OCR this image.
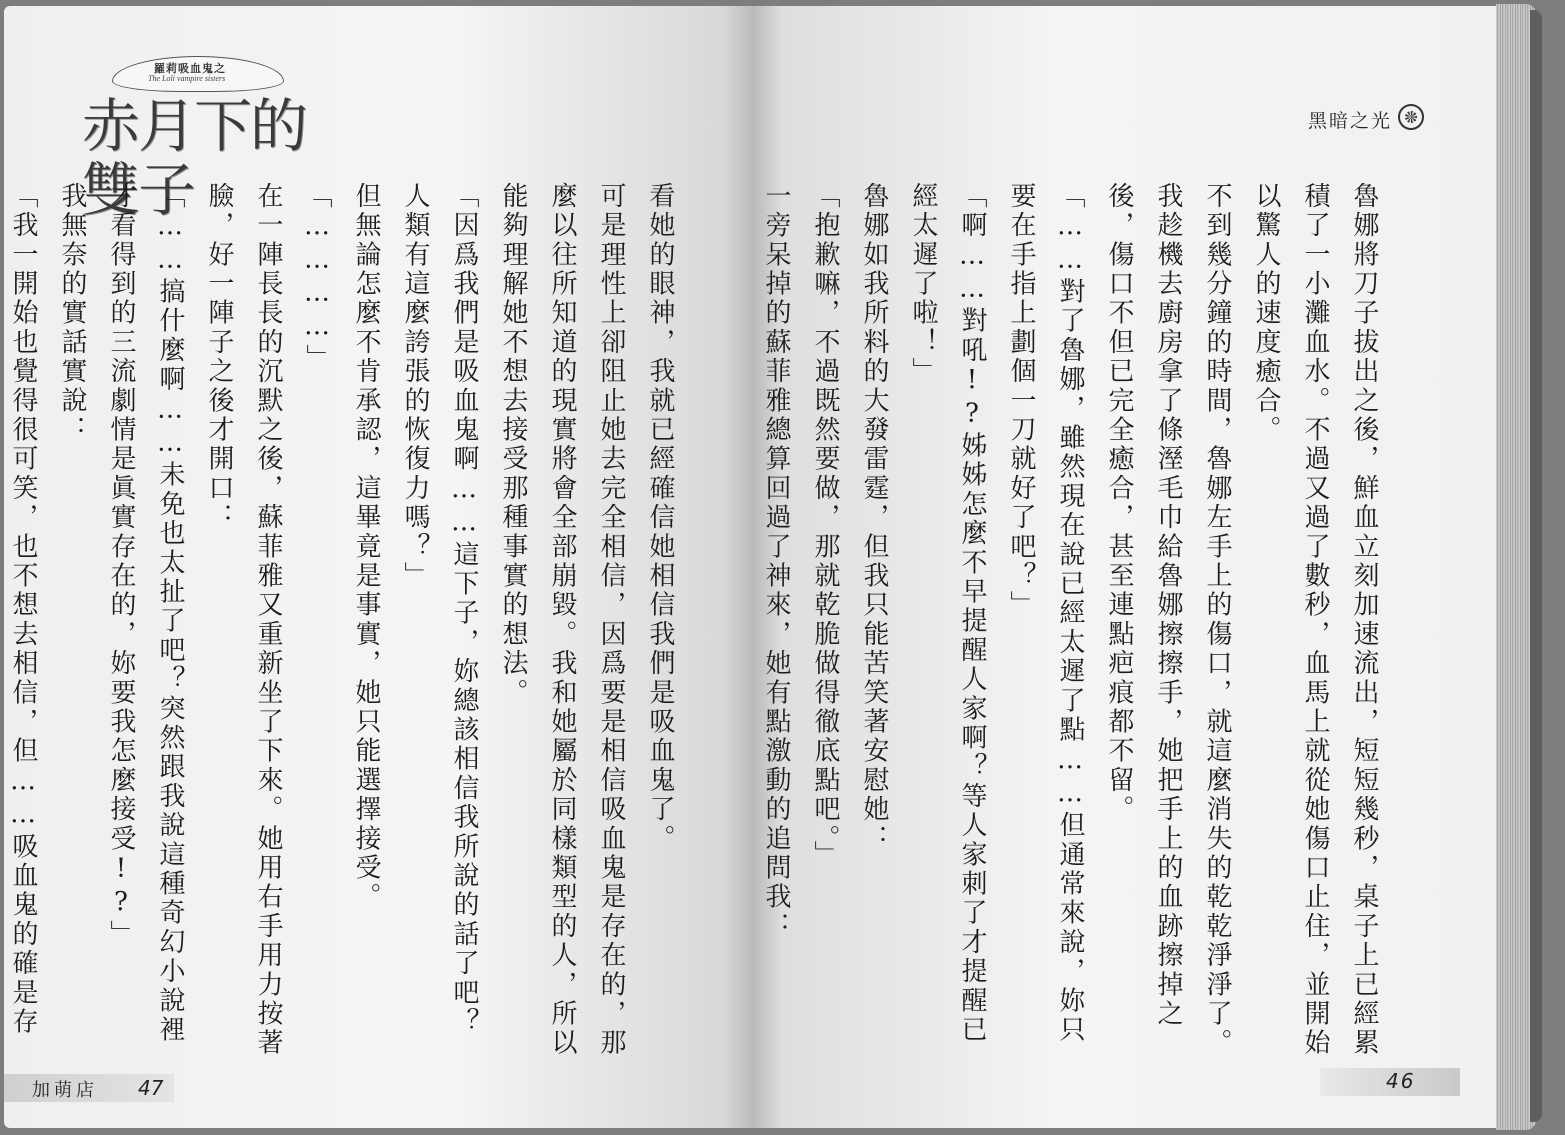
羅莉吸血鬼之
The Loli vampire sisters
赤月下的雙子	看她的眼神，我就已經確信她相信我們是吸血鬼了。
可是理性上卻阻止她去完全相信，因爲要是相信吸血鬼是存在的，那麼以往所知道的現實將會全部崩毀。我和她屬於同樣類型的人，所以能夠理解她不想去接受那種事實的想法。
「因爲我們是吸血鬼啊……這下子，妳總該相信我所說的話了吧？人類有這麼誇張的恢復力嗎？」
但無論怎麼不肯承認，這畢竟是事實，她只能選擇接受。
「…………」
在一陣長長的沉默之後，蘇菲雅又重新坐了下來。她用右手用力按著臉，好一陣子之後才開口：
「……搞什麼啊……未免也太扯了吧？突然跟我說這種奇幻小說裡才看得到的三流劇情是眞實存在的，妳要我怎麼接受!?」
我無奈的實話實說：
「我一開始也覺得很可笑，也不想去相信，但……吸血鬼的確是存
加萌店 47
黑暗之光
魯娜將刀子拔出之後，鮮血立刻加速流出，短短幾秒，桌子上已經累積了一小灘血水。不過又過了數秒，血馬上就從她傷口止住，並開始以驚人的速度癒合。
不到幾分鐘的時間，魯娜左手上的傷口，就這麼消失的乾乾淨淨了。我趁機去廚房拿了條溼毛巾給魯娜擦擦手，她把手上的血跡擦掉之後，傷口不但已完全癒合，甚至連點疤痕都不留。
「……對了魯娜，雖然現在說已經太遲了點……但通常來說，妳只要在手指上劃個一刀就好了吧？」
「啊……對吼!?姊姊怎麼不早提醒人家啊？等人家刺了才提醒已經太遲了啦！」
魯娜如我所料的大發雷霆，但我只能苦笑著安慰她：
「抱歉嘛，不過既然要做，那就乾脆做得徹底點吧。」
一旁呆掉的蘇菲雅總算回過了神來，她有點激動的追問我：
46
